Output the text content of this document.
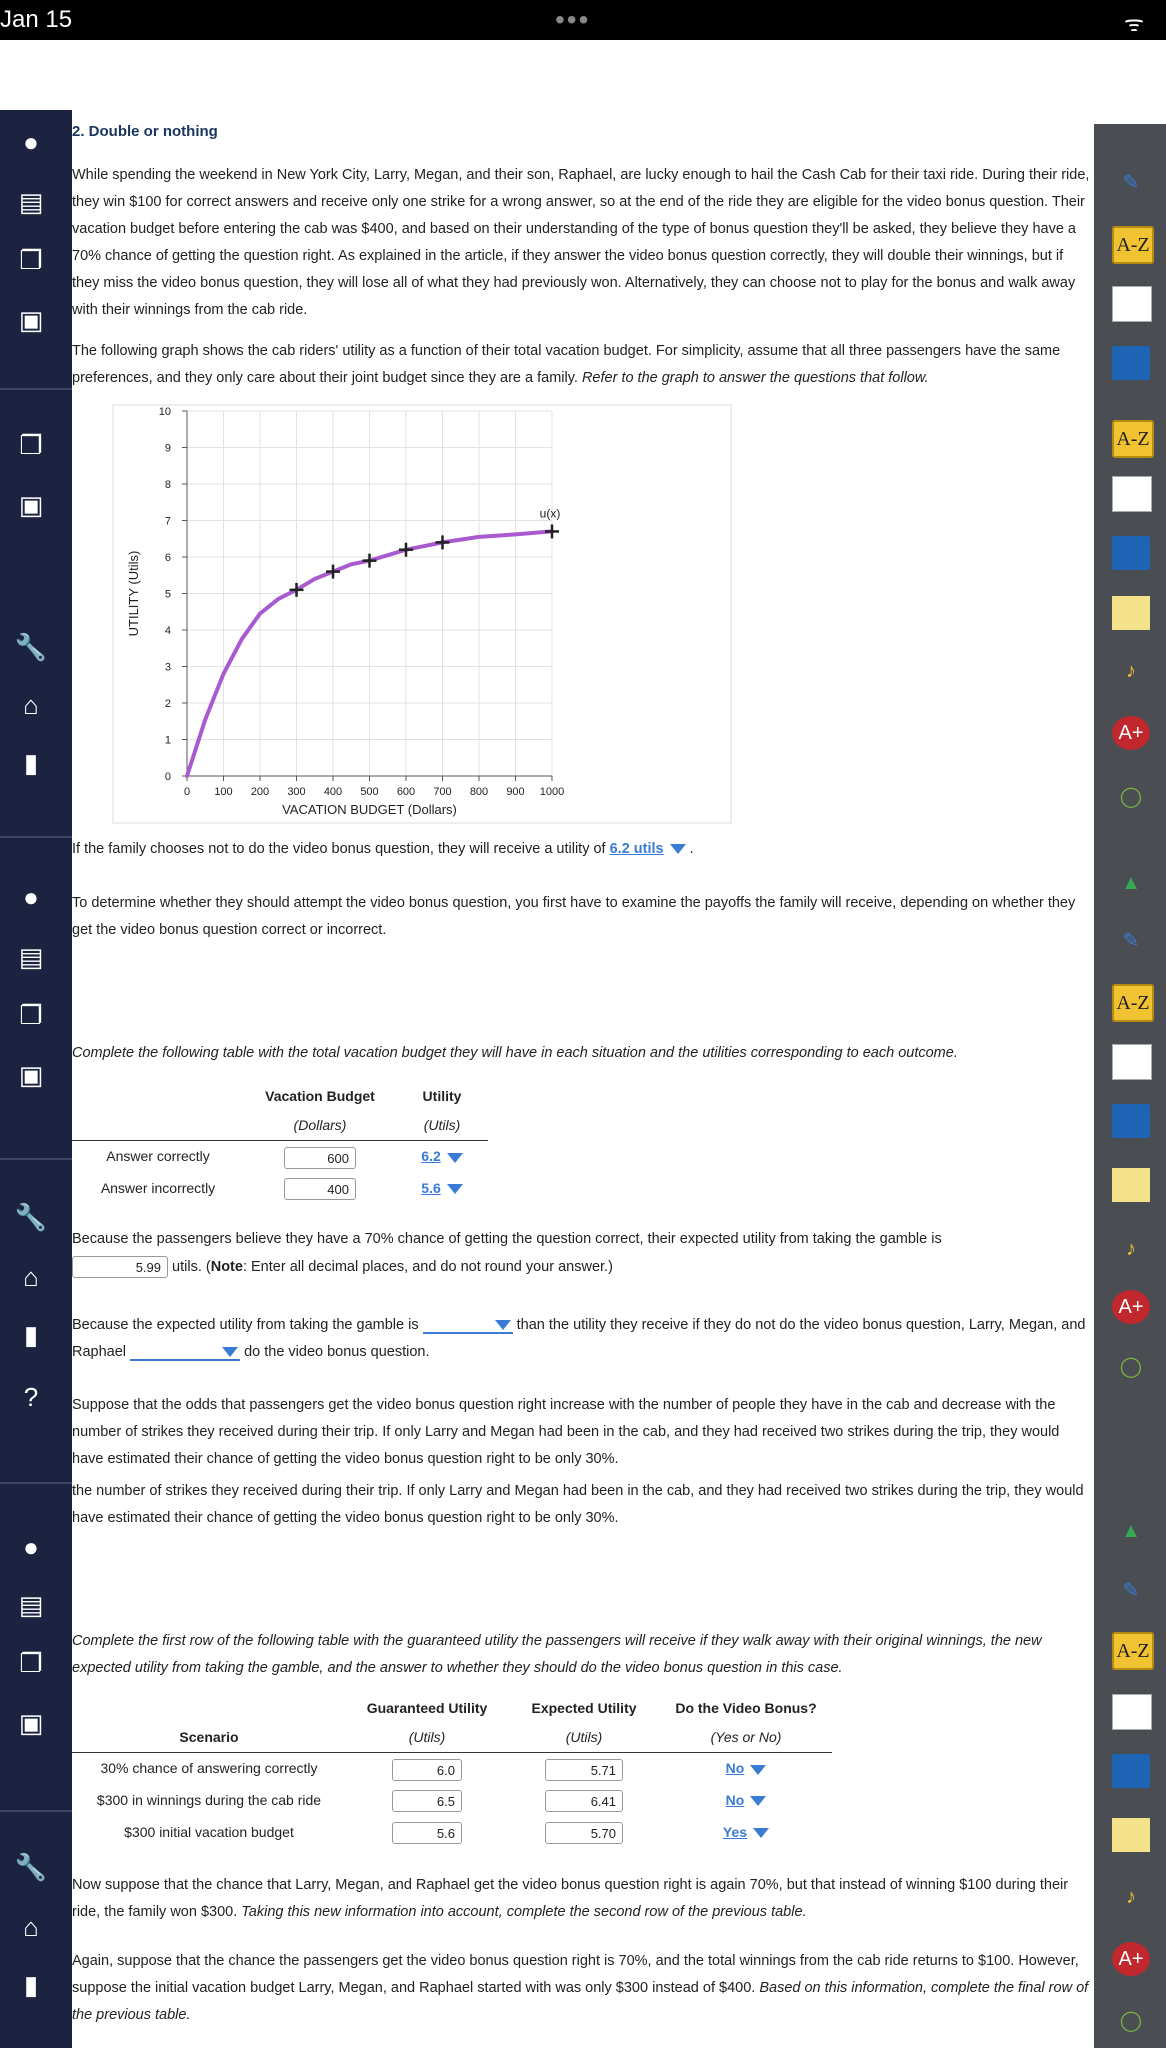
Jan 15	•••	ᯤ
●
▤
❐
▣
❐
▣
🔧
⌂
▮
●
▤
❐
▣
🔧
⌂
▮
?
●
▤
❐
▣
🔧
⌂
▮
✎
A-Z
A-Z
♪
A+
◯
▲
✎
A-Z
♪
A+
◯
▲
✎
A-Z
♪
A+
◯
2. Double or nothing
While spending the weekend in New York City, Larry, Megan, and their son, Raphael, are lucky enough to hail the Cash Cab for their taxi ride. During their ride, they win $100 for correct answers and receive only one strike for a wrong answer, so at the end of the ride they are eligible for the video bonus question. Their vacation budget before entering the cab was $400, and based on their understanding of the type of bonus question they'll be asked, they believe they have a 70% chance of getting the question right. As explained in the article, if they answer the video bonus question correctly, they will double their winnings, but if they miss the video bonus question, they will lose all of what they had previously won. Alternatively, they can choose not to play for the bonus and walk away with their winnings from the cab ride.
The following graph shows the cab riders' utility as a function of their total vacation budget. For simplicity, assume that all three passengers have the same preferences, and they only care about their joint budget since they are a family. Refer to the graph to answer the questions that follow.
0 100 200 300 400 500 600 700 800 900 1000
0
1
2
3
4
5
6
7
8
9
10
VACATION BUDGET (Dollars)
UTILITY (Utils)
u(x)
If the family chooses not to do the video bonus question, they will receive a utility of 6.2 utils .
To determine whether they should attempt the video bonus question, you first have to examine the payoffs the family will receive, depending on whether they get the video bonus question correct or incorrect.
Complete the following table with the total vacation budget they will have in each situation and the utilities corresponding to each outcome.
	Vacation Budget	Utility
	(Dollars)	(Utils)
Answer correctly	600	6.2
Answer incorrectly	400	5.6
Because the passengers believe they have a 70% chance of getting the question correct, their expected utility from taking the gamble is
5.99 utils. (Note: Enter all decimal places, and do not round your answer.)
Because the expected utility from taking the gamble is	than the utility they receive if they do not do the video bonus question, Larry, Megan, and Raphael	do the video bonus question.
Suppose that the odds that passengers get the video bonus question right increase with the number of people they have in the cab and decrease with the number of strikes they received during their trip. If only Larry and Megan had been in the cab, and they had received two strikes during the trip, they would have estimated their chance of getting the video bonus question right to be only 30%.
the number of strikes they received during their trip. If only Larry and Megan had been in the cab, and they had received two strikes during the trip, they would have estimated their chance of getting the video bonus question right to be only 30%.
Complete the first row of the following table with the guaranteed utility the passengers will receive if they walk away with their original winnings, the new expected utility from taking the gamble, and the answer to whether they should do the video bonus question in this case.
	Guaranteed Utility	Expected Utility	Do the Video Bonus?
Scenario	(Utils)	(Utils)	(Yes or No)
30% chance of answering correctly	6.0	5.71	No
$300 in winnings during the cab ride	6.5	6.41	No
$300 initial vacation budget	5.6	5.70	Yes
Now suppose that the chance that Larry, Megan, and Raphael get the video bonus question right is again 70%, but that instead of winning $100 during their ride, the family won $300. Taking this new information into account, complete the second row of the previous table.
Again, suppose that the chance the passengers get the video bonus question right is 70%, and the total winnings from the cab ride returns to $100. However, suppose the initial vacation budget Larry, Megan, and Raphael started with was only $300 instead of $400. Based on this information, complete the final row of the previous table.
